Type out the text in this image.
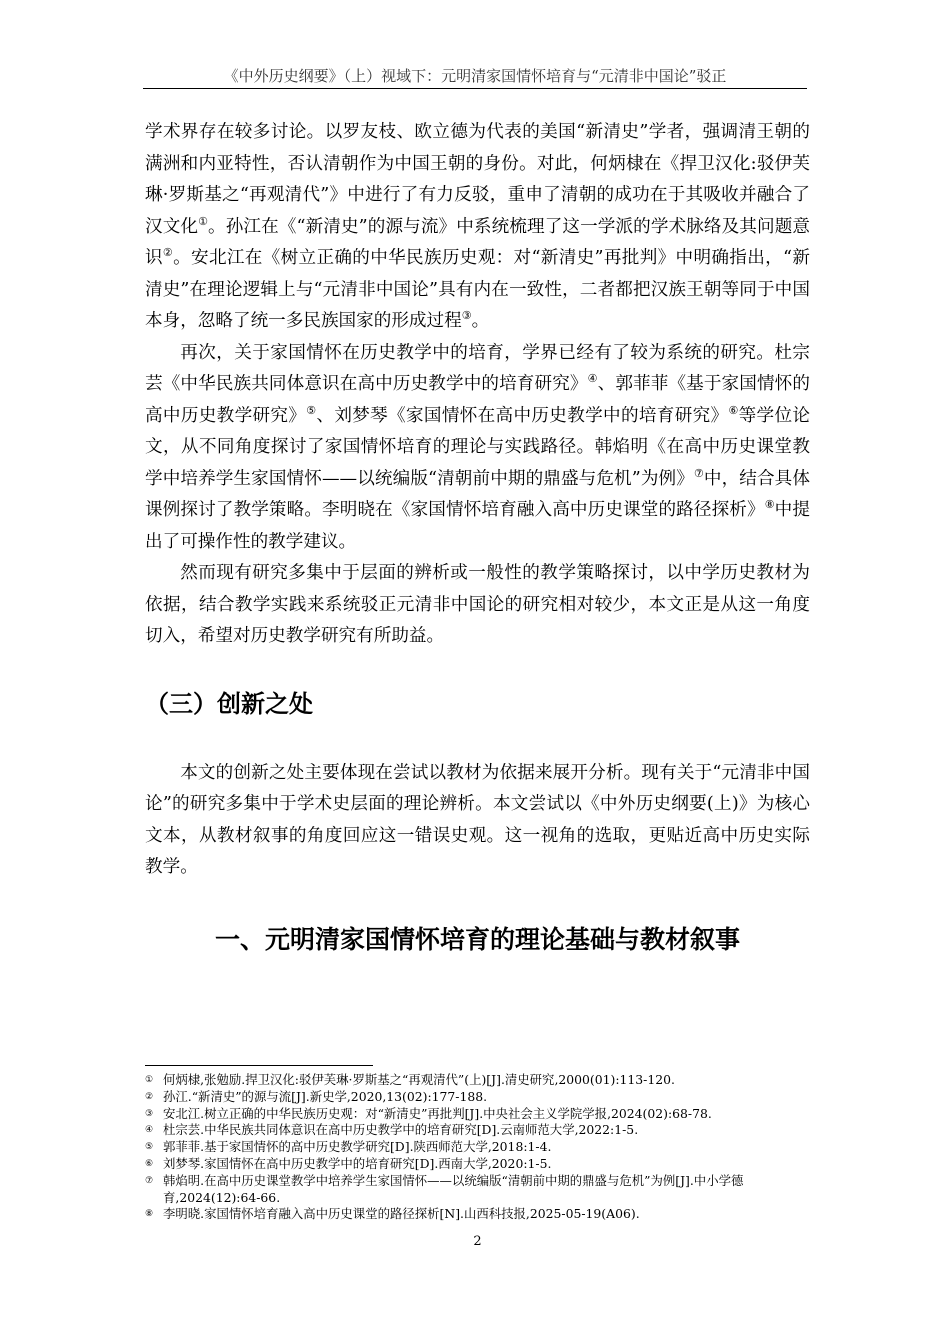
《中外历史纲要》（上）视域下：元明清家国情怀培育与“元清非中国论”驳正

学术界存在较多讨论。以罗友枝、欧立德为代表的美国“新清史”学者，强调清王朝的满洲和内亚特性，否认清朝作为中国王朝的身份。对此，何炳棣在《捍卫汉化:驳伊芙琳·罗斯基之“再观清代”》中进行了有力反驳，重申了清朝的成功在于其吸收并融合了汉文化①。孙江在《“新清史”的源与流》中系统梳理了这一学派的学术脉络及其问题意识②。安北江在《树立正确的中华民族历史观：对“新清史”再批判》中明确指出，“新清史”在理论逻辑上与“元清非中国论”具有内在一致性，二者都把汉族王朝等同于中国本身，忽略了统一多民族国家的形成过程③。

再次，关于家国情怀在历史教学中的培育，学界已经有了较为系统的研究。杜宗芸《中华民族共同体意识在高中历史教学中的培育研究》④、郭菲菲《基于家国情怀的高中历史教学研究》⑤、刘梦琴《家国情怀在高中历史教学中的培育研究》⑥等学位论文，从不同角度探讨了家国情怀培育的理论与实践路径。韩焰明《在高中历史课堂教学中培养学生家国情怀——以统编版“清朝前中期的鼎盛与危机”为例》⑦中，结合具体课例探讨了教学策略。李明晓在《家国情怀培育融入高中历史课堂的路径探析》⑧中提出了可操作性的教学建议。

然而现有研究多集中于层面的辨析或一般性的教学策略探讨，以中学历史教材为依据，结合教学实践来系统驳正元清非中国论的研究相对较少，本文正是从这一角度切入，希望对历史教学研究有所助益。

（三）创新之处

本文的创新之处主要体现在尝试以教材为依据来展开分析。现有关于“元清非中国论”的研究多集中于学术史层面的理论辨析。本文尝试以《中外历史纲要(上)》为核心文本，从教材叙事的角度回应这一错误史观。这一视角的选取，更贴近高中历史实际教学。

一、元明清家国情怀培育的理论基础与教材叙事
① 何炳棣,张勉励.捍卫汉化:驳伊芙琳·罗斯基之“再观清代”(上)[J].清史研究,2000(01):113-120.
② 孙江.“新清史”的源与流[J].新史学,2020,13(02):177-188.
③ 安北江.树立正确的中华民族历史观：对“新清史”再批判[J].中央社会主义学院学报,2024(02):68-78.
④ 杜宗芸.中华民族共同体意识在高中历史教学中的培育研究[D].云南师范大学,2022:1-5.
⑤ 郭菲菲.基于家国情怀的高中历史教学研究[D].陕西师范大学,2018:1-4.
⑥ 刘梦琴.家国情怀在高中历史教学中的培育研究[D].西南大学,2020:1-5.
⑦ 韩焰明.在高中历史课堂教学中培养学生家国情怀——以统编版“清朝前中期的鼎盛与危机”为例[J].中小学德育,2024(12):64-66.
⑧ 李明晓.家国情怀培育融入高中历史课堂的路径探析[N].山西科技报,2025-05-19(A06).
2
